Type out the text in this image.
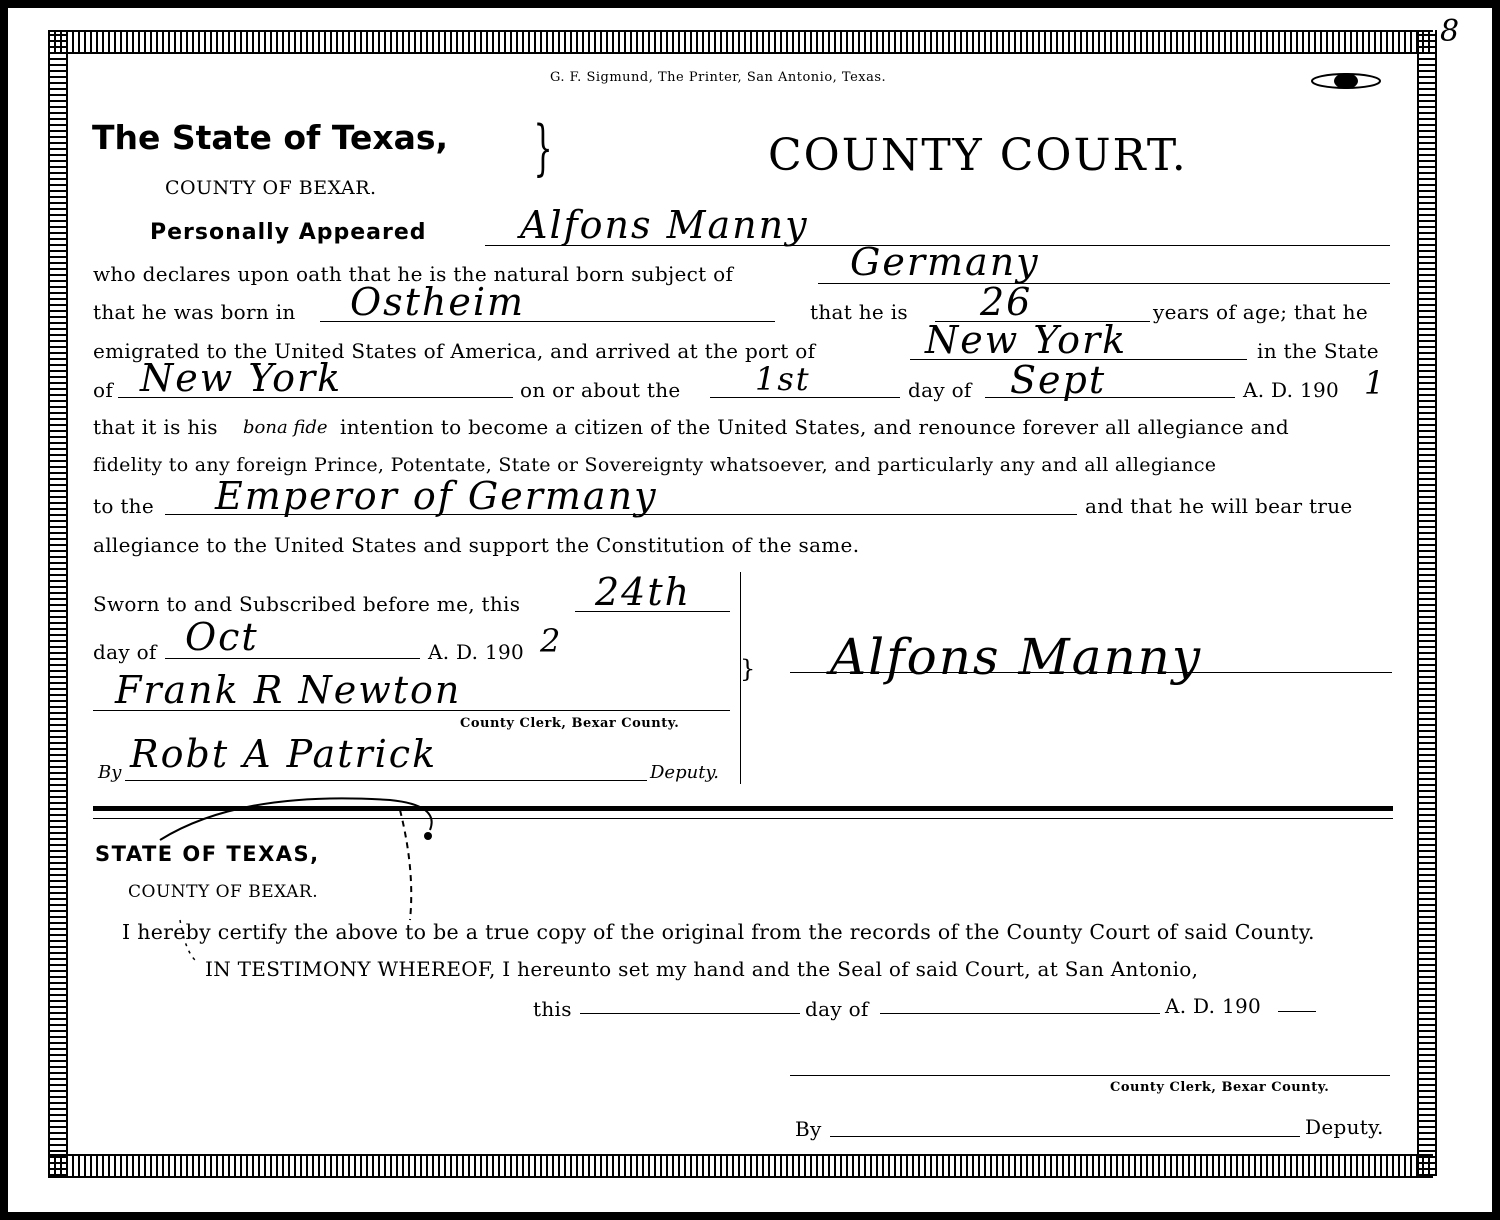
8
G. F. Sigmund, The Printer, San Antonio, Texas.
The State of Texas,
COUNTY OF BEXAR.
}	COUNTY COURT.
Personally Appeared Alfons Manny
who declares upon oath that he is the natural born subject of	Germany
that he was born in Ostheim	that he is 26	years of age; that he
emigrated to the United States of America, and arrived at the port of	New York	in the State
of New York	on or about the 1st	day of Sept	A. D. 190 1
that it is his bona fide intention to become a citizen of the United States, and renounce forever all allegiance and
fidelity to any foreign Prince, Potentate, State or Sovereignty whatsoever, and particularly any and all allegiance
to the Emperor of Germany	and that he will bear true
allegiance to the United States and support the Constitution of the same.
Sworn to and Subscribed before me, this 24th
day of Oct	A. D. 190 2
Frank R Newton
County Clerk, Bexar County.
By Robt A Patrick	Deputy.
} Alfons Manny
STATE OF TEXAS,
COUNTY OF BEXAR.
I hereby certify the above to be a true copy of the original from the records of the County Court of said County.
IN TESTIMONY WHEREOF, I hereunto set my hand and the Seal of said Court, at San Antonio,
this	day of	A. D. 190
County Clerk, Bexar County.
By	Deputy.
